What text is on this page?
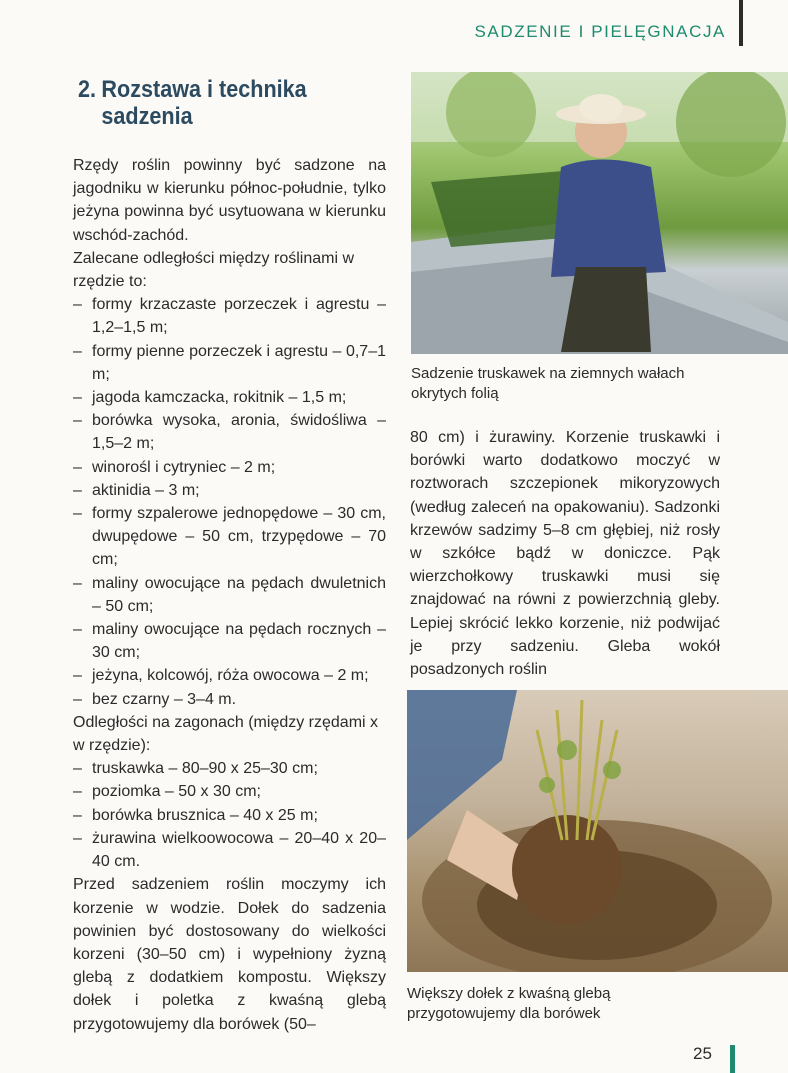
SADZENIE I PIELĘGNACJA
2. Rozstawa i technika
sadzenia

Rzędy roślin powinny być sadzone na jagodniku w kierunku północ-południe, tylko jeżyna powinna być usytuowana w kierunku wschód-zachód.

Zalecane odległości między roślinami w rzędzie to:

– formy krzaczaste porzeczek i agrestu – 1,2–1,5 m;
– formy pienne porzeczek i agrestu – 0,7–1 m;
– jagoda kamczacka, rokitnik – 1,5 m;
– borówka wysoka, aronia, świdośliwa – 1,5–2 m;
– winorośl i cytryniec – 2 m;
– aktinidia – 3 m;
– formy szpalerowe jednopędowe – 30 cm, dwupędowe – 50 cm, trzypędowe – 70 cm;
– maliny owocujące na pędach dwuletnich – 50 cm;
– maliny owocujące na pędach rocznych – 30 cm;
– jeżyna, kolcowój, róża owocowa – 2 m;
– bez czarny – 3–4 m.

Odległości na zagonach (między rzędami x w rzędzie):

– truskawka – 80–90 x 25–30 cm;
– poziomka – 50 x 30 cm;
– borówka brusznica – 40 x 25 m;
– żurawina wielkoowocowa – 20–40 x 20–40 cm.

Przed sadzeniem roślin moczymy ich korzenie w wodzie. Dołek do sadzenia powinien być dostosowany do wielkości korzeni (30–50 cm) i wypełniony żyzną glebą z dodatkiem kompostu. Większy dołek i poletka z kwaśną glebą przygotowujemy dla borówek (50–

Sadzenie truskawek na ziemnych wałach okrytych folią

80 cm) i żurawiny. Korzenie truskawki i borówki warto dodatkowo moczyć w roztworach szczepionek mikoryzowych (według zaleceń na opakowaniu). Sadzonki krzewów sadzimy 5–8 cm głębiej, niż rosły w szkółce bądź w doniczce. Pąk wierzchołkowy truskawki musi się znajdować na równi z powierzchnią gleby. Lepiej skrócić lekko korzenie, niż podwijać je przy sadzeniu. Gleba wokół posadzonych roślin

Większy dołek z kwaśną glebą przygotowujemy dla borówek
25
